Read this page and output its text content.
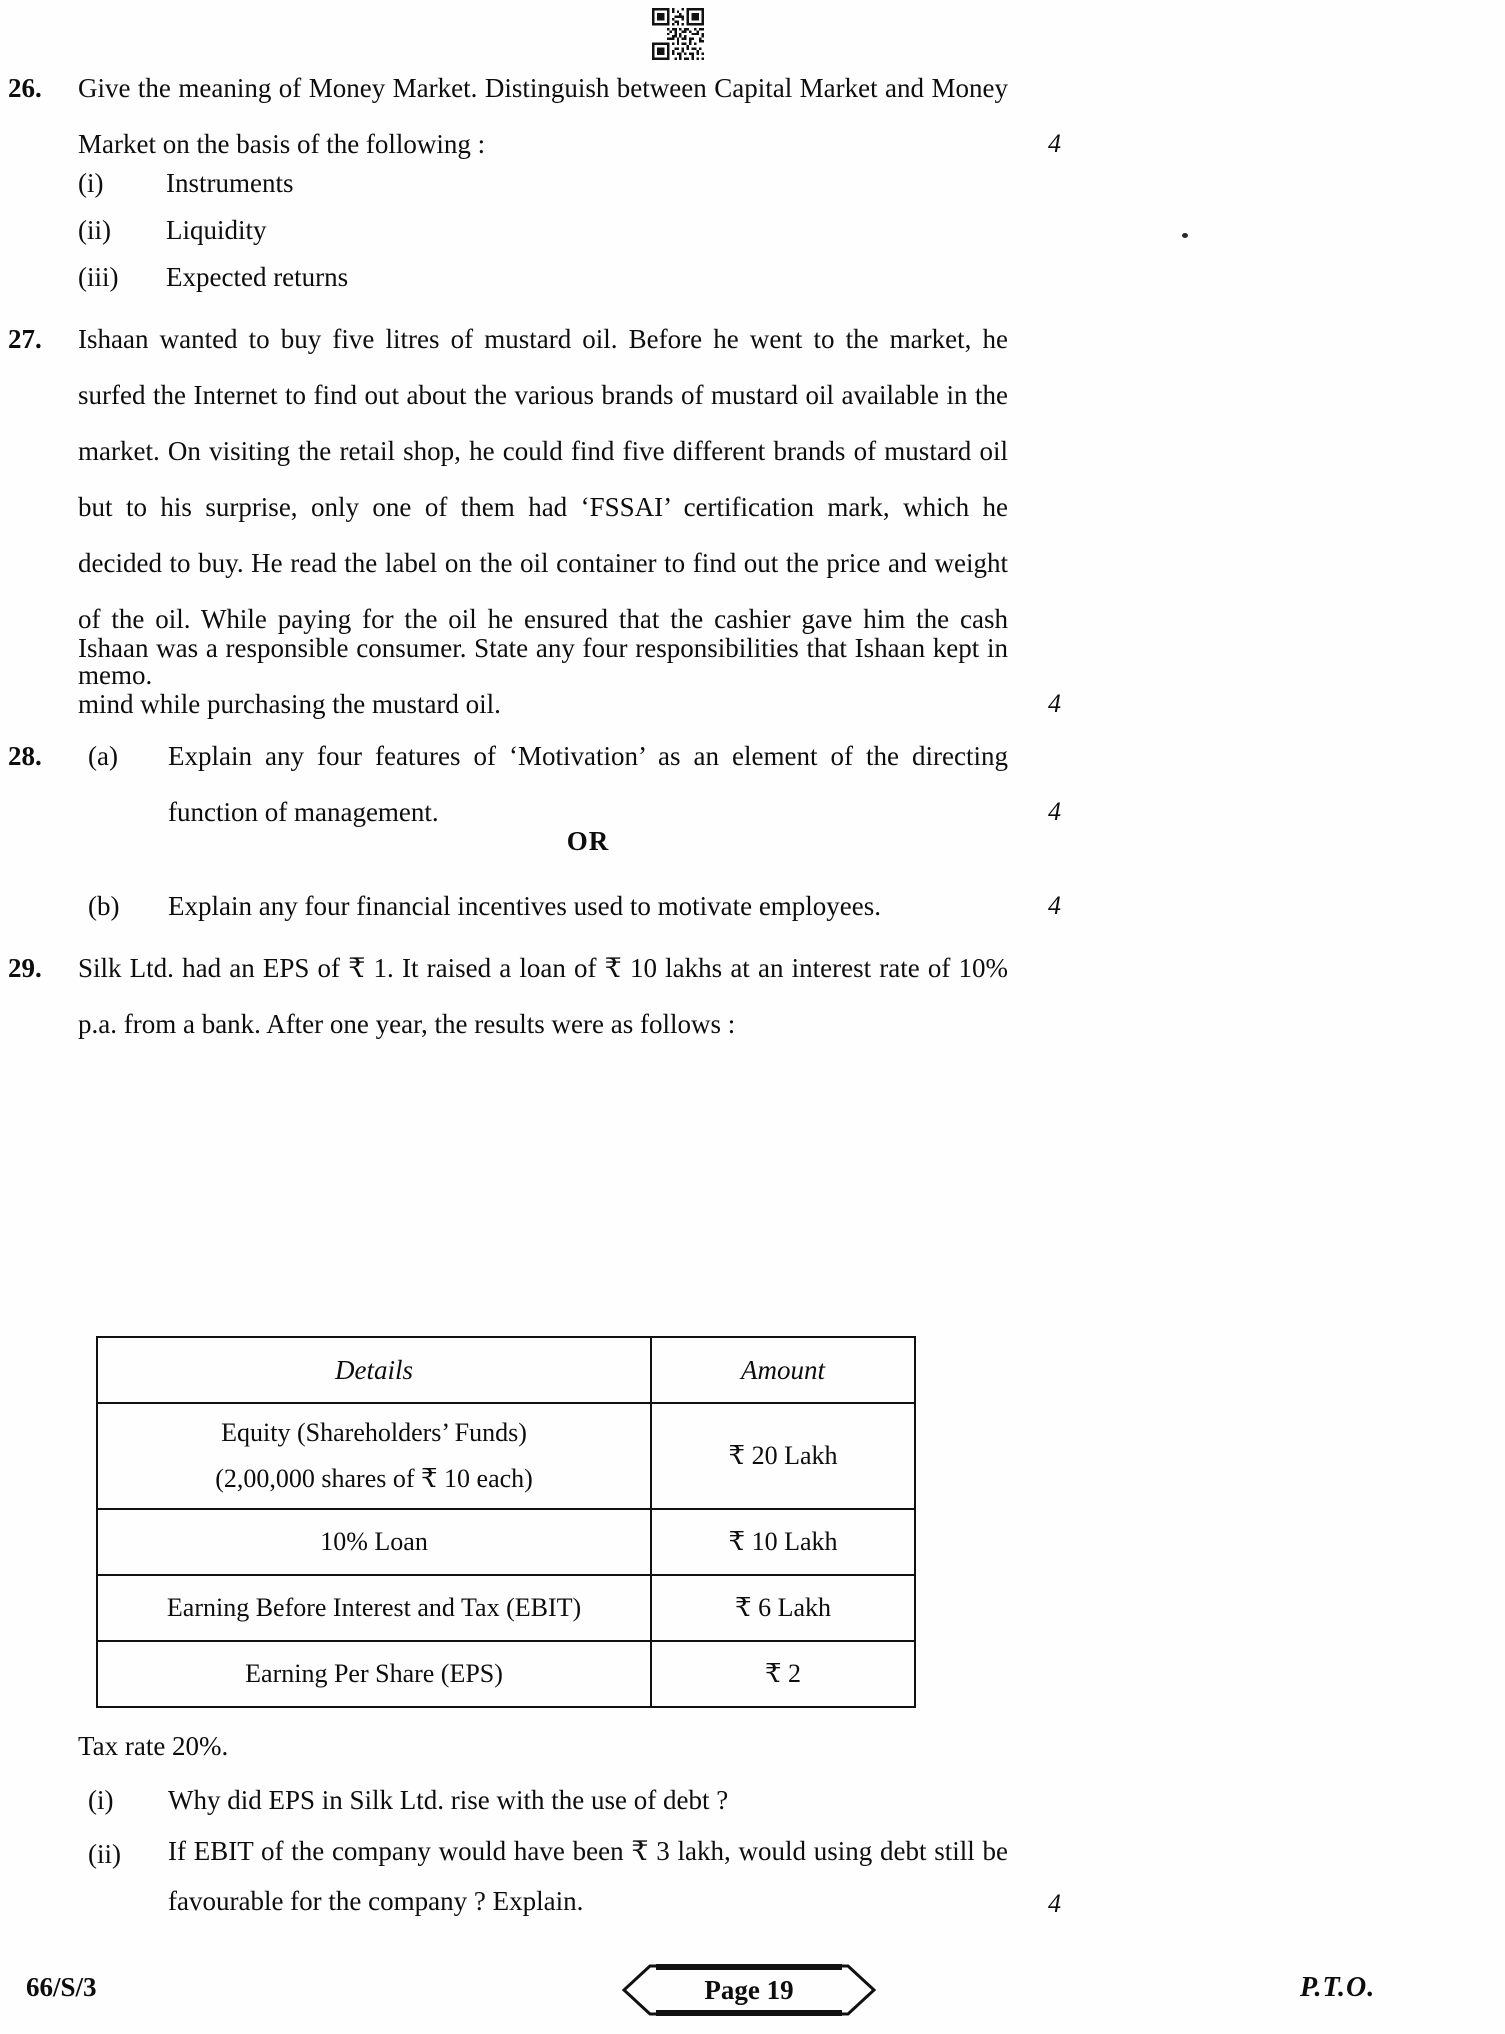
26.	Give the meaning of Money Market. Distinguish between Capital Market and Money Market on the basis of the following :	4
(i)	Instruments
(ii)	Liquidity
(iii)	Expected returns
27.	Ishaan wanted to buy five litres of mustard oil. Before he went to the market, he surfed the Internet to find out about the various brands of mustard oil available in the market. On visiting the retail shop, he could find five different brands of mustard oil but to his surprise, only one of them had ‘FSSAI’ certification mark, which he decided to buy. He read the label on the oil container to find out the price and weight of the oil. While paying for the oil he ensured that the cashier gave him the cash memo.
Ishaan was a responsible consumer. State any four responsibilities that Ishaan kept in mind while purchasing the mustard oil.	4
28.	(a) Explain any four features of ‘Motivation’ as an element of the directing function of management.	4
OR
(b) Explain any four financial incentives used to motivate employees.	4
29.	Silk Ltd. had an EPS of ₹ 1. It raised a loan of ₹ 10 lakhs at an interest rate of 10% p.a. from a bank. After one year, the results were as follows :
Details	Amount

Equity (Shareholders’ Funds)
(2,00,000 shares of ₹ 10 each)	₹ 20 Lakh
10% Loan	₹ 10 Lakh
Earning Before Interest and Tax (EBIT)	₹ 6 Lakh
Earning Per Share (EPS)	₹ 2
Tax rate 20%.
(i) Why did EPS in Silk Ltd. rise with the use of debt ?
(ii) If EBIT of the company would have been ₹ 3 lakh, would using debt still be favourable for the company ? Explain.	4
66/S/3	Page 19	P.T.O.
